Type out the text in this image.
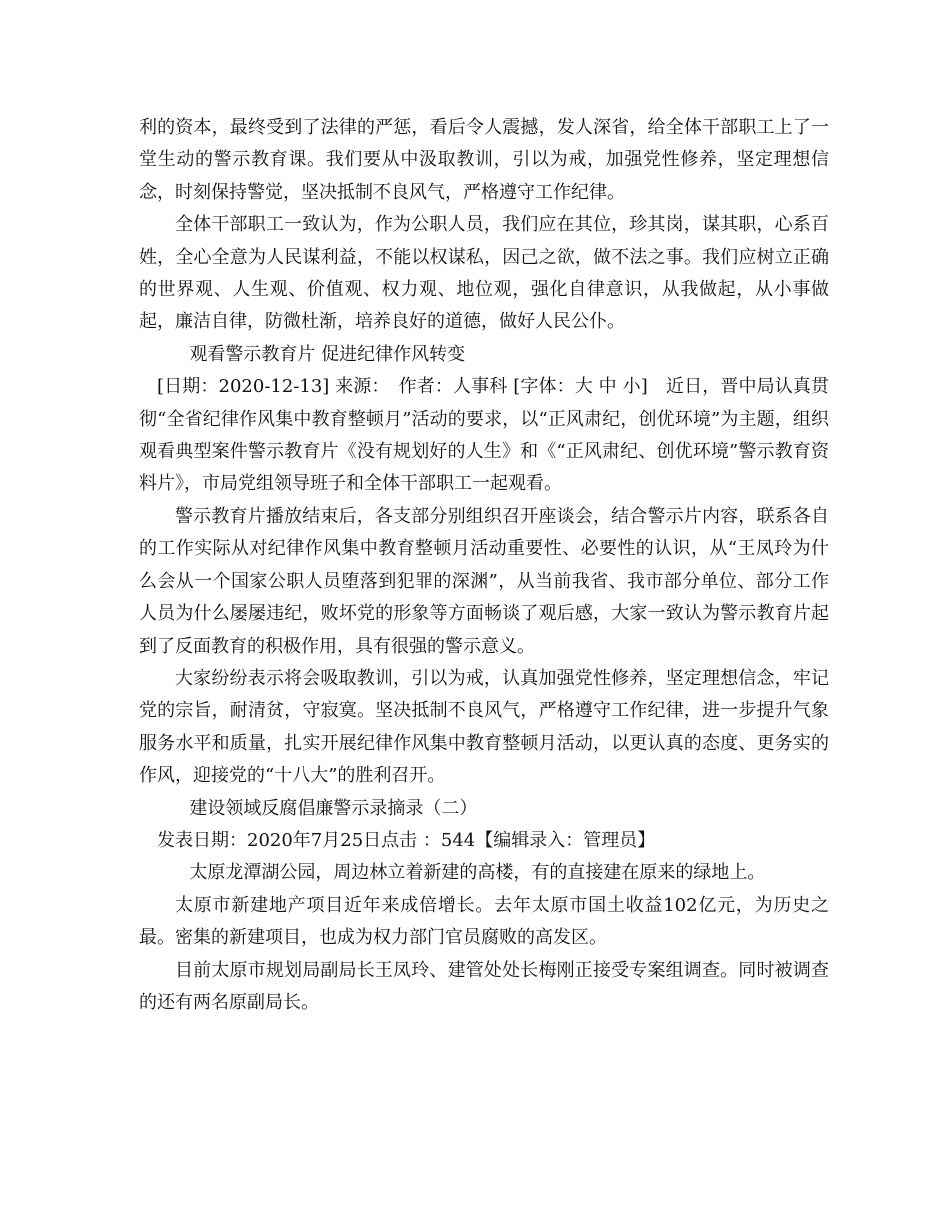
利的资本，最终受到了法律的严惩，看后令人震撼，发人深省，给全体干部职工上了一堂生动的警示教育课。我们要从中汲取教训，引以为戒，加强党性修养，坚定理想信念，时刻保持警觉，坚决抵制不良风气，严格遵守工作纪律。

全体干部职工一致认为，作为公职人员，我们应在其位，珍其岗，谋其职，心系百姓，全心全意为人民谋利益，不能以权谋私，因己之欲，做不法之事。我们应树立正确的世界观、人生观、价值观、权力观、地位观，强化自律意识，从我做起，从小事做起，廉洁自律，防微杜渐，培养良好的道德，做好人民公仆。

观看警示教育片 促进纪律作风转变

[日期：2020-12-13] 来源：　作者：人事科 [字体：大 中 小]　近日，晋中局认真贯彻“全省纪律作风集中教育整顿月”活动的要求，以“正风肃纪，创优环境”为主题，组织观看典型案件警示教育片《没有规划好的人生》和《“正风肃纪、创优环境”警示教育资料片》，市局党组领导班子和全体干部职工一起观看。

警示教育片播放结束后，各支部分别组织召开座谈会，结合警示片内容，联系各自的工作实际从对纪律作风集中教育整顿月活动重要性、必要性的认识，从“王凤玲为什么会从一个国家公职人员堕落到犯罪的深渊”，从当前我省、我市部分单位、部分工作人员为什么屡屡违纪，败坏党的形象等方面畅谈了观后感，大家一致认为警示教育片起到了反面教育的积极作用，具有很强的警示意义。

大家纷纷表示将会吸取教训，引以为戒，认真加强党性修养，坚定理想信念，牢记党的宗旨，耐清贫，守寂寞。坚决抵制不良风气，严格遵守工作纪律，进一步提升气象服务水平和质量，扎实开展纪律作风集中教育整顿月活动，以更认真的态度、更务实的作风，迎接党的“十八大”的胜利召开。

建设领域反腐倡廉警示录摘录（二）

发表日期：2020年7月25日点击 ：544【编辑录入：管理员】

太原龙潭湖公园，周边林立着新建的高楼，有的直接建在原来的绿地上。

太原市新建地产项目近年来成倍增长。去年太原市国土收益102亿元，为历史之最。密集的新建项目，也成为权力部门官员腐败的高发区。

目前太原市规划局副局长王凤玲、建管处处长梅刚正接受专案组调查。同时被调查的还有两名原副局长。
